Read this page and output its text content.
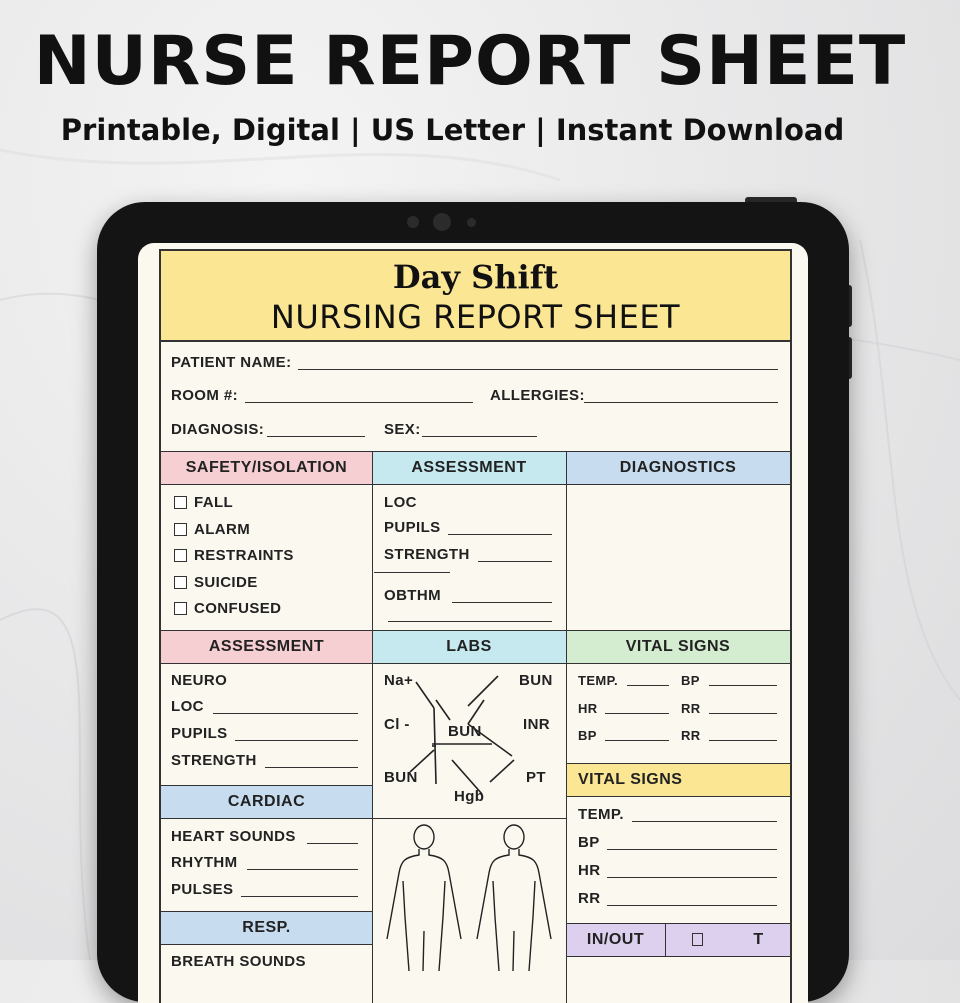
NURSE REPORT SHEET
Printable, Digital | US Letter | Instant Download
Day Shift
NURSING REPORT SHEET
PATIENT NAME:
ROOM #:	ALLERGIES:
DIAGNOSIS:	SEX:
SAFETY/ISOLATION	ASSESSMENT	DIAGNOSTICS
FALL
ALARM
RESTRAINTS
SUICIDE
CONFUSED
LOC
PUPILS
STRENGTH
OBTHM
ASSESSMENT	LABS	VITAL SIGNS
NEURO
LOC
PUPILS
STRENGTH
Na+	BUN
Cl -	BUN	INR
BUN	PT
Hgb
TEMP.	BP
HR	RR
BP	RR
VITAL SIGNS
TEMP.
BP
HR
RR
IN/OUT	T
CARDIAC
HEART SOUNDS
RHYTHM
PULSES
RESP.
BREATH SOUNDS
